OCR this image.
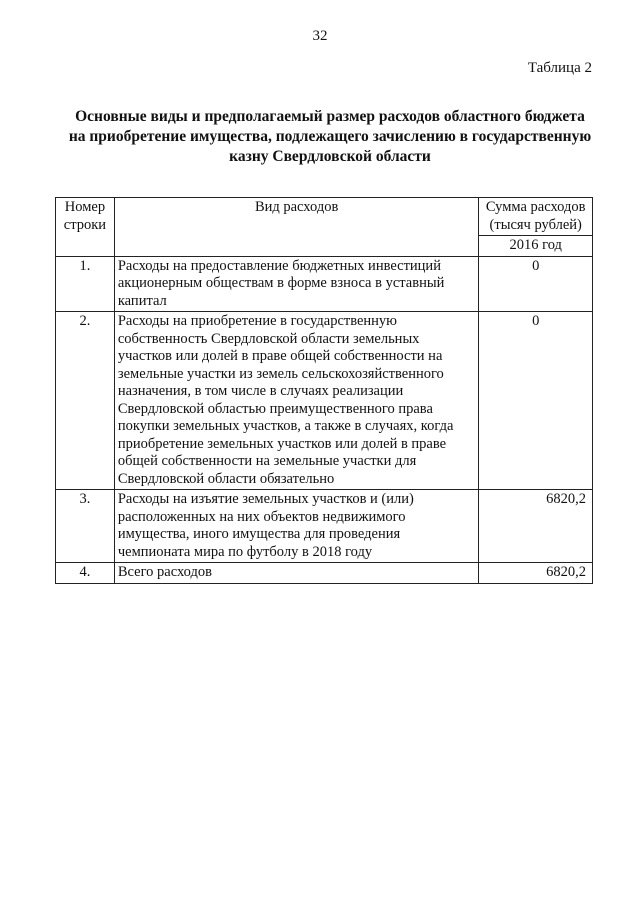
32
Таблица 2
Основные виды и предполагаемый размер расходов областного бюджета
на приобретение имущества, подлежащего зачислению в государственную
казну Свердловской области
Номер строки	Вид расходов	Сумма расходов (тысяч рублей)
		2016 год
1.	Расходы на предоставление бюджетных инвестиций акционерным обществам в форме взноса в уставный капитал	0
2.	Расходы на приобретение в государственную собственность Свердловской области земельных участков или долей в праве общей собственности на земельные участки из земель сельскохозяйственного назначения, в том числе в случаях реализации Свердловской областью преимущественного права покупки земельных участков, а также в случаях, когда приобретение земельных участков или долей в праве общей собственности на земельные участки для Свердловской области обязательно	0
3.	Расходы на изъятие земельных участков и (или) расположенных на них объектов недвижимого имущества, иного имущества для проведения чемпионата мира по футболу в 2018 году	6820,2
4.	Всего расходов	6820,2
